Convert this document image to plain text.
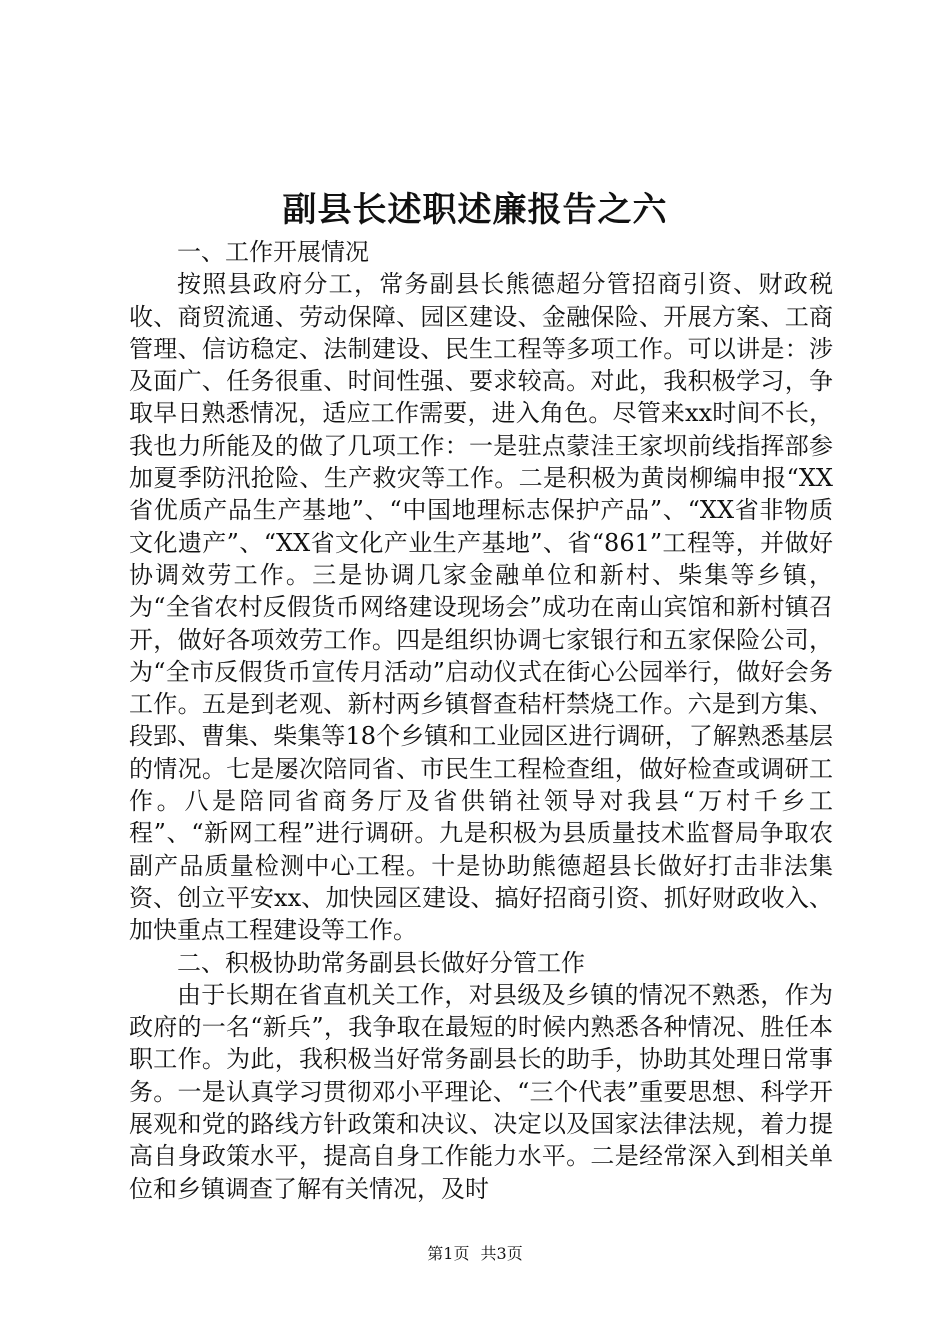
副县长述职述廉报告之六

一、工作开展情况

按照县政府分工，常务副县长熊德超分管招商引资、财政税收、商贸流通、劳动保障、园区建设、金融保险、开展方案、工商管理、信访稳定、法制建设、民生工程等多项工作。可以讲是：涉及面广、任务很重、时间性强、要求较高。对此，我积极学习，争取早日熟悉情况，适应工作需要，进入角色。尽管来xx时间不长，我也力所能及的做了几项工作：一是驻点蒙洼王家坝前线指挥部参加夏季防汛抢险、生产救灾等工作。二是积极为黄岗柳编申报“XX省优质产品生产基地”、“中国地理标志保护产品”、“XX省非物质文化遗产”、“XX省文化产业生产基地”、省“861”工程等，并做好协调效劳工作。三是协调几家金融单位和新村、柴集等乡镇，为“全省农村反假货币网络建设现场会”成功在南山宾馆和新村镇召开，做好各项效劳工作。四是组织协调七家银行和五家保险公司，为“全市反假货币宣传月活动”启动仪式在街心公园举行，做好会务工作。五是到老观、新村两乡镇督查秸杆禁烧工作。六是到方集、段郢、曹集、柴集等18个乡镇和工业园区进行调研，了解熟悉基层的情况。七是屡次陪同省、市民生工程检查组，做好检查或调研工作。八是陪同省商务厅及省供销社领导对我县“万村千乡工程”、“新网工程”进行调研。九是积极为县质量技术监督局争取农副产品质量检测中心工程。十是协助熊德超县长做好打击非法集资、创立平安xx、加快园区建设、搞好招商引资、抓好财政收入、加快重点工程建设等工作。

二、积极协助常务副县长做好分管工作

由于长期在省直机关工作，对县级及乡镇的情况不熟悉，作为政府的一名“新兵”，我争取在最短的时候内熟悉各种情况、胜任本职工作。为此，我积极当好常务副县长的助手，协助其处理日常事务。一是认真学习贯彻邓小平理论、“三个代表”重要思想、科学开展观和党的路线方针政策和决议、决定以及国家法律法规，着力提高自身政策水平，提高自身工作能力水平。二是经常深入到相关单位和乡镇调查了解有关情况，及时

第1页 共3页
